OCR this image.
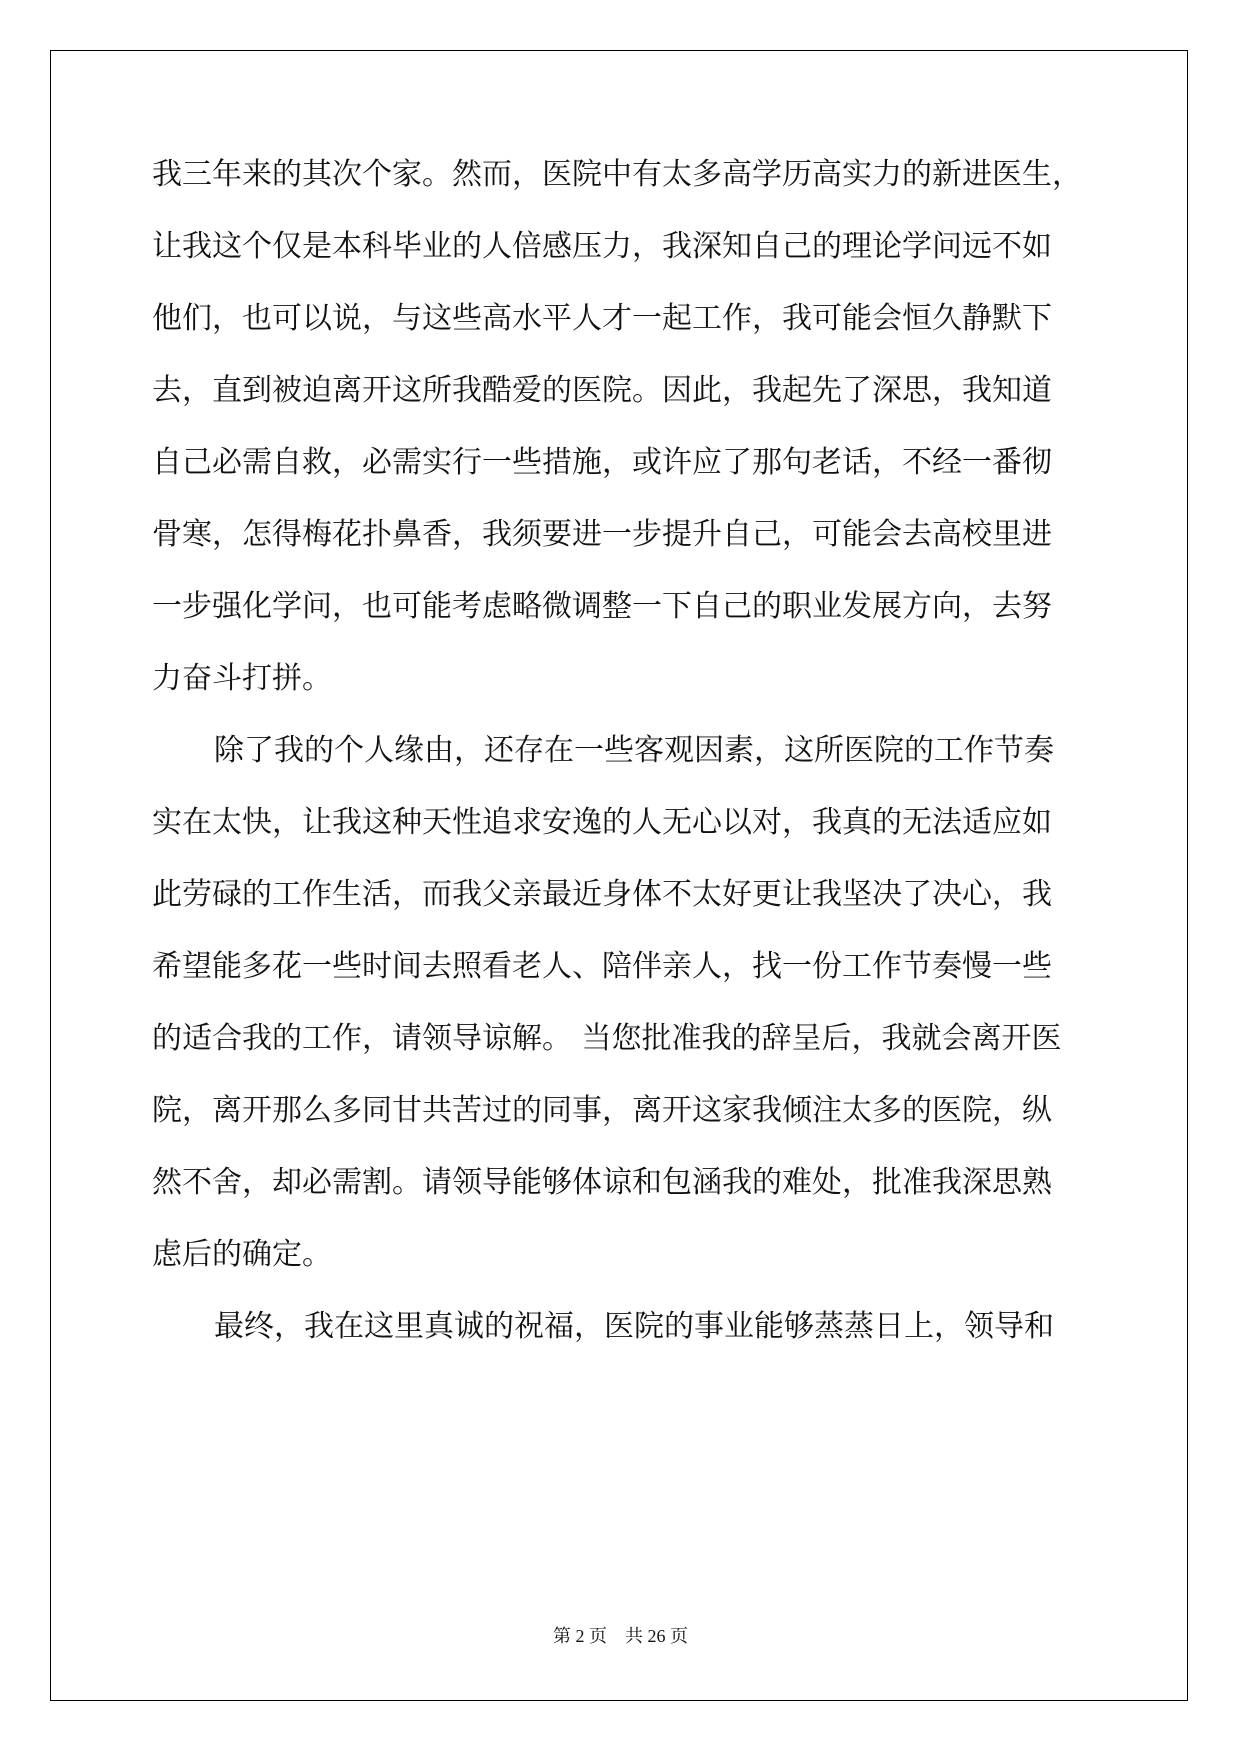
我三年来的其次个家。然而，医院中有太多高学历高实力的新进医生，
让我这个仅是本科毕业的人倍感压力，我深知自己的理论学问远不如
他们，也可以说，与这些高水平人才一起工作，我可能会恒久静默下
去，直到被迫离开这所我酷爱的医院。因此，我起先了深思，我知道
自己必需自救，必需实行一些措施，或许应了那句老话，不经一番彻
骨寒，怎得梅花扑鼻香，我须要进一步提升自己，可能会去高校里进
一步强化学问，也可能考虑略微调整一下自己的职业发展方向，去努
力奋斗打拼。
除了我的个人缘由，还存在一些客观因素，这所医院的工作节奏
实在太快，让我这种天性追求安逸的人无心以对，我真的无法适应如
此劳碌的工作生活，而我父亲最近身体不太好更让我坚决了决心，我
希望能多花一些时间去照看老人、陪伴亲人，找一份工作节奏慢一些
的适合我的工作，请领导谅解。 当您批准我的辞呈后，我就会离开医
院，离开那么多同甘共苦过的同事，离开这家我倾注太多的医院，纵
然不舍，却必需割。请领导能够体谅和包涵我的难处，批准我深思熟
虑后的确定。
最终，我在这里真诚的祝福，医院的事业能够蒸蒸日上，领导和
第 2 页　共 26 页
